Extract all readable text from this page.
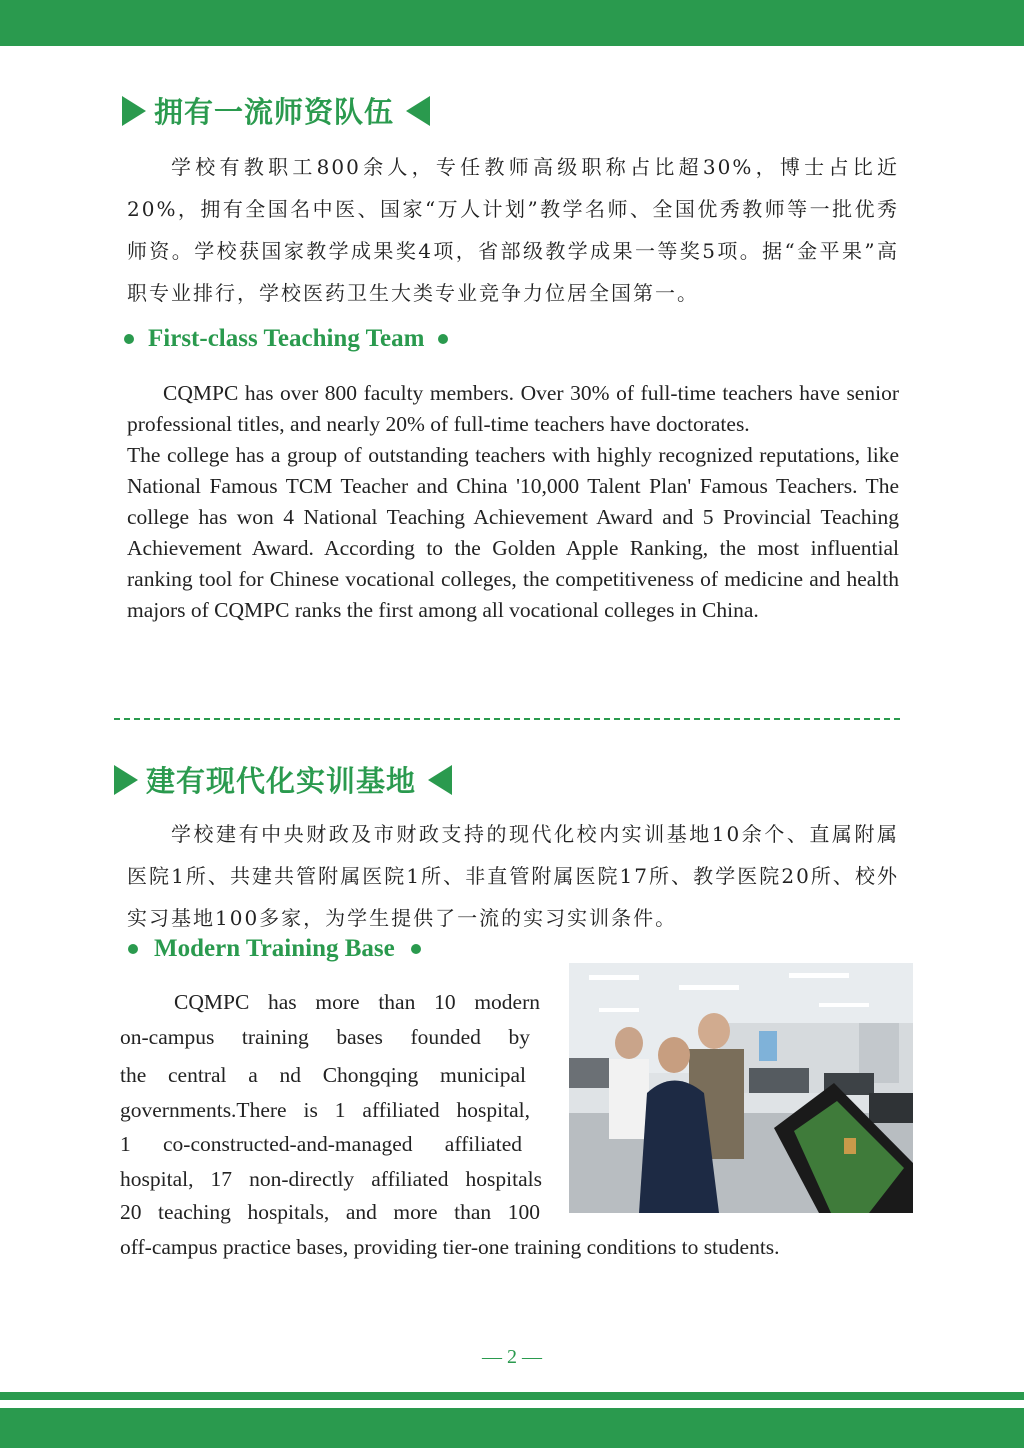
拥有一流师资队伍

学校有教职工800余人，专任教师高级职称占比超30%，博士占比近20%，拥有全国名中医、国家“万人计划”教学名师、全国优秀教师等一批优秀师资。学校获国家教学成果奖4项，省部级教学成果一等奖5项。据“金平果”高职专业排行，学校医药卫生大类专业竞争力位居全国第一。

First-class Teaching Team

CQMPC has over 800 faculty members. Over 30% of full-time teachers have senior professional titles, and nearly 20% of full-time teachers have doctorates.

The college has a group of outstanding teachers with highly recognized reputations, like National Famous TCM Teacher and China '10,000 Talent Plan' Famous Teachers. The college has won 4 National Teaching Achievement Award and 5 Provincial Teaching Achievement Award. According to the Golden Apple Ranking, the most influential ranking tool for Chinese vocational colleges, the competitiveness of medicine and health majors of CQMPC ranks the first among all vocational colleges in China.

建有现代化实训基地

学校建有中央财政及市财政支持的现代化校内实训基地10余个、直属附属医院1所、共建共管附属医院1所、非直管附属医院17所、教学医院20所、校外实习基地100多家，为学生提供了一流的实习实训条件。

Modern Training Base
CQMPC has more than 10 modern
on-campus training bases founded by
the central a nd Chongqing municipal
governments.There is 1 affiliated hospital,
1 co-constructed-and-managed affiliated
hospital, 17 non-directly affiliated hospitals
20 teaching hospitals, and more than 100
off-campus practice bases, providing tier-one training conditions to students.
— 2 —
